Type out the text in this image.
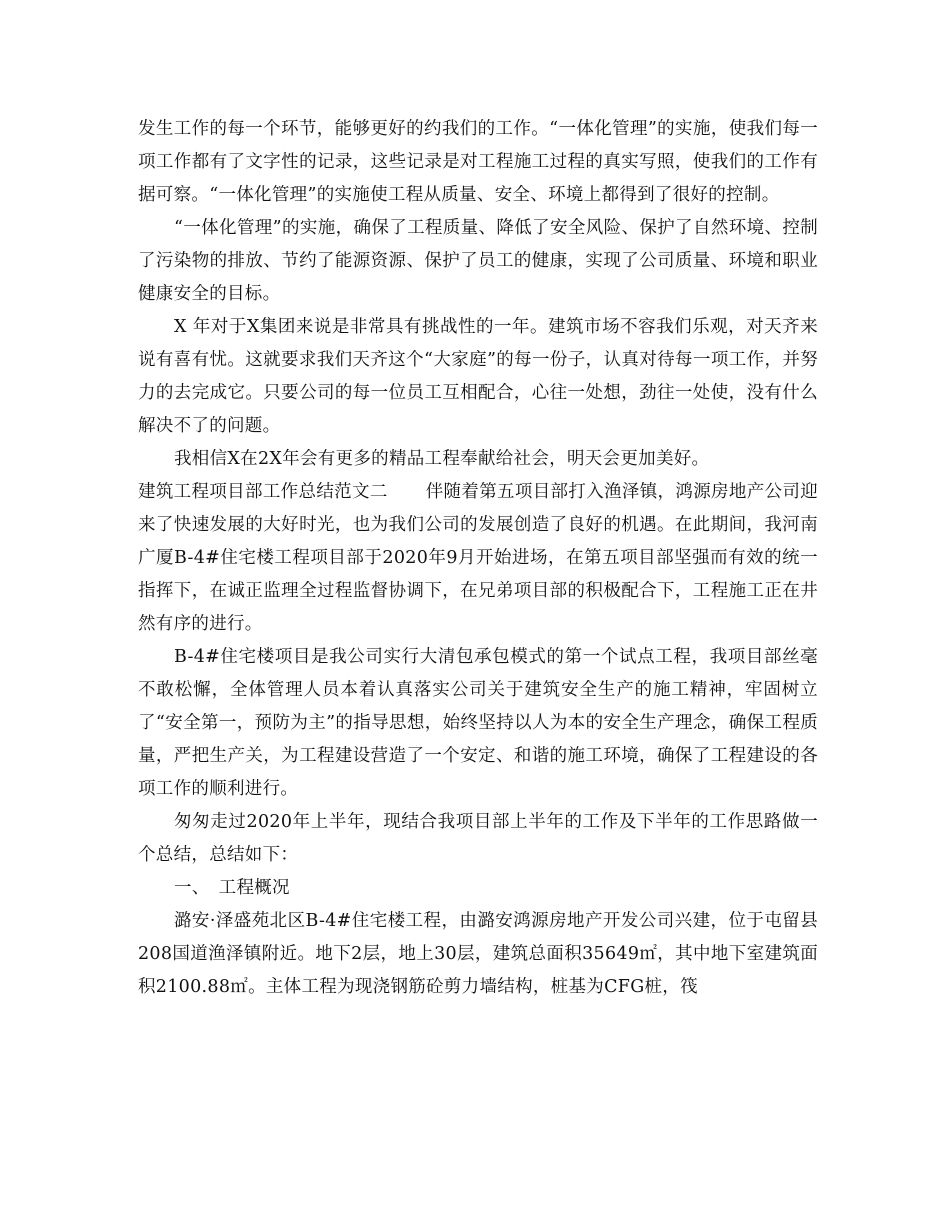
发生工作的每一个环节，能够更好的约我们的工作。“一体化管理”的实施，使我们每一项工作都有了文字性的记录，这些记录是对工程施工过程的真实写照，使我们的工作有据可察。“一体化管理”的实施使工程从质量、安全、环境上都得到了很好的控制。

“一体化管理”的实施，确保了工程质量、降低了安全风险、保护了自然环境、控制了污染物的排放、节约了能源资源、保护了员工的健康，实现了公司质量、环境和职业健康安全的目标。

X 年对于X集团来说是非常具有挑战性的一年。建筑市场不容我们乐观，对天齐来说有喜有忧。这就要求我们天齐这个“大家庭”的每一份子，认真对待每一项工作，并努力的去完成它。只要公司的每一位员工互相配合，心往一处想，劲往一处使，没有什么解决不了的问题。

我相信X在2X年会有更多的精品工程奉献给社会，明天会更加美好。

建筑工程项目部工作总结范文二 伴随着第五项目部打入渔泽镇，鸿源房地产公司迎来了快速发展的大好时光，也为我们公司的发展创造了良好的机遇。在此期间，我河南广厦B-4#住宅楼工程项目部于2020年9月开始进场，在第五项目部坚强而有效的统一指挥下，在诚正监理全过程监督协调下，在兄弟项目部的积极配合下，工程施工正在井然有序的进行。

B-4#住宅楼项目是我公司实行大清包承包模式的第一个试点工程，我项目部丝毫不敢松懈，全体管理人员本着认真落实公司关于建筑安全生产的施工精神，牢固树立了“安全第一，预防为主”的指导思想，始终坚持以人为本的安全生产理念，确保工程质量，严把生产关，为工程建设营造了一个安定、和谐的施工环境，确保了工程建设的各项工作的顺利进行。

匆匆走过2020年上半年，现结合我项目部上半年的工作及下半年的工作思路做一个总结，总结如下：

一、　工程概况

潞安·泽盛苑北区B-4#住宅楼工程，由潞安鸿源房地产开发公司兴建，位于屯留县208国道渔泽镇附近。地下2层，地上30层，建筑总面积35649㎡，其中地下室建筑面积2100.88㎡。主体工程为现浇钢筋砼剪力墙结构，桩基为CFG桩，筏
